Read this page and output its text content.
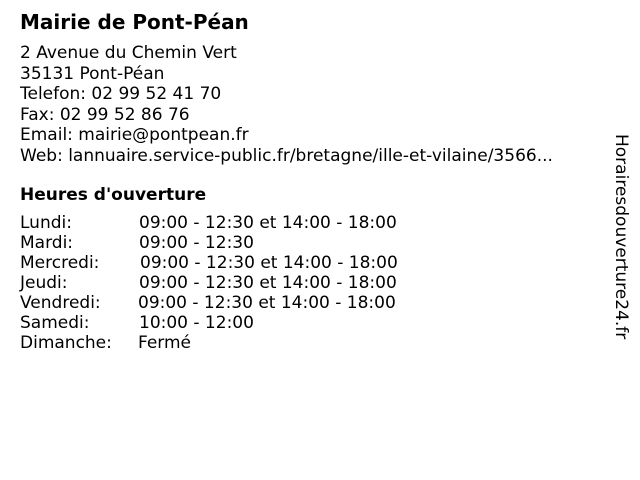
Mairie de Pont-Péan
2 Avenue du Chemin Vert
35131 Pont-Péan
Telefon: 02 99 52 41 70
Fax: 02 99 52 86 76
Email: mairie@pontpean.fr
Web: lannuaire.service-public.fr/bretagne/ille-et-vilaine/3566...
Heures d'ouverture
Lundi:	09:00 - 12:30 et 14:00 - 18:00
Mardi:	09:00 - 12:30
Mercredi: 09:00 - 12:30 et 14:00 - 18:00
Jeudi:	09:00 - 12:30 et 14:00 - 18:00
Vendredi: 09:00 - 12:30 et 14:00 - 18:00
Samedi:	10:00 - 12:00
Dimanche: Fermé
Horairesdouverture24.fr
